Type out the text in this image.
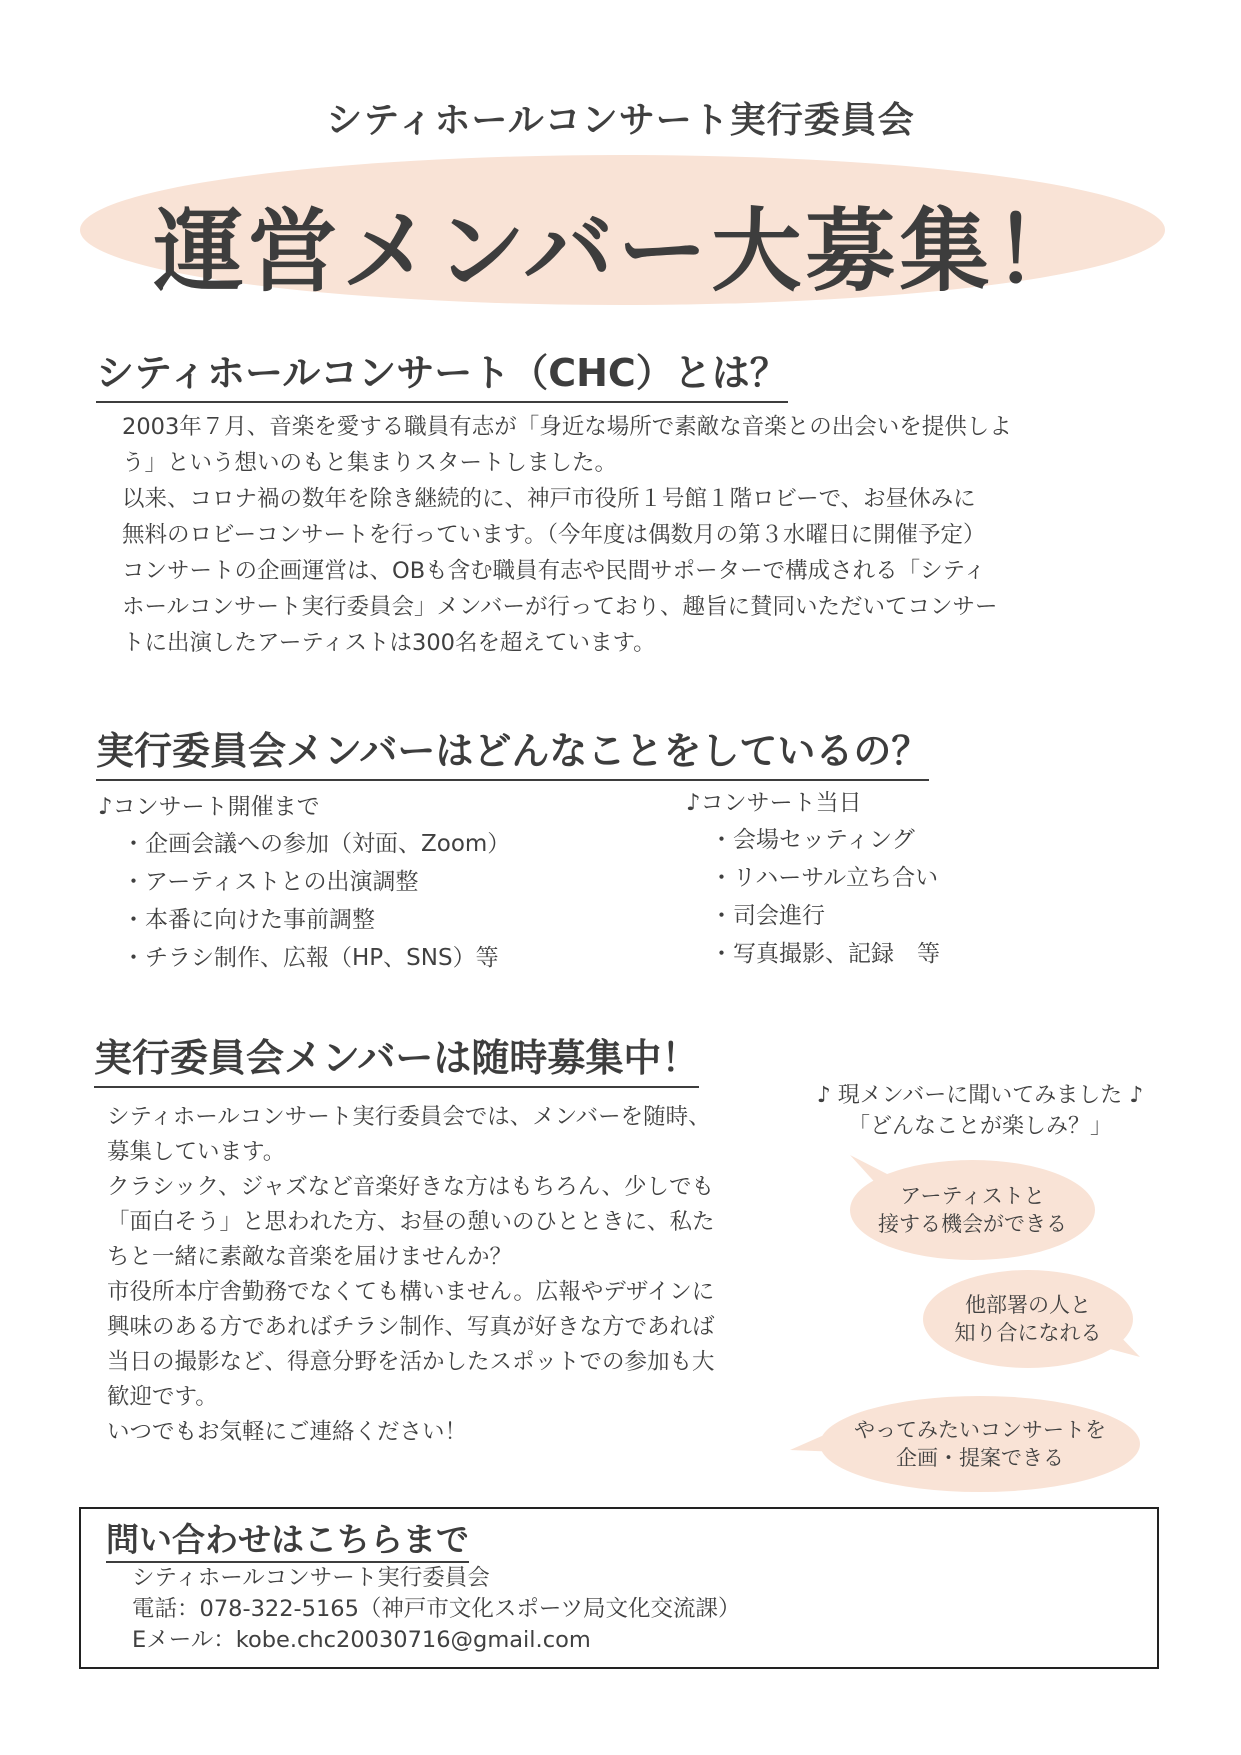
シティホールコンサート実行委員会
運営メンバー大募集！
シティホールコンサート（CHC）とは？
2003年７月、音楽を愛する職員有志が「身近な場所で素敵な音楽との出会いを提供しよ
う」という想いのもと集まりスタートしました。
以来、コロナ禍の数年を除き継続的に、神戸市役所１号館１階ロビーで、お昼休みに
無料のロビーコンサートを行っています。（今年度は偶数月の第３水曜日に開催予定）
コンサートの企画運営は、OBも含む職員有志や民間サポーターで構成される「シティ
ホールコンサート実行委員会」メンバーが行っており、趣旨に賛同いただいてコンサー
トに出演したアーティストは300名を超えています。
実行委員会メンバーはどんなことをしているの？
♪コンサート開催まで
・企画会議への参加（対面、Zoom）
・アーティストとの出演調整
・本番に向けた事前調整
・チラシ制作、広報（HP、SNS）等
♪コンサート当日
・会場セッティング
・リハーサル立ち合い
・司会進行
・写真撮影、記録　等
実行委員会メンバーは随時募集中！
シティホールコンサート実行委員会では、メンバーを随時、
募集しています。
クラシック、ジャズなど音楽好きな方はもちろん、少しでも
「面白そう」と思われた方、お昼の憩いのひとときに、私た
ちと一緒に素敵な音楽を届けませんか？
市役所本庁舎勤務でなくても構いません。広報やデザインに
興味のある方であればチラシ制作、写真が好きな方であれば
当日の撮影など、得意分野を活かしたスポットでの参加も大
歓迎です。
いつでもお気軽にご連絡ください！
♪ 現メンバーに聞いてみました ♪
「どんなことが楽しみ？」
アーティストと
接する機会ができる
他部署の人と
知り合になれる
やってみたいコンサートを
企画・提案できる
問い合わせはこちらまで
シティホールコンサート実行委員会
電話：078-322-5165（神戸市文化スポーツ局文化交流課）
Eメール：kobe.chc20030716@gmail.com
